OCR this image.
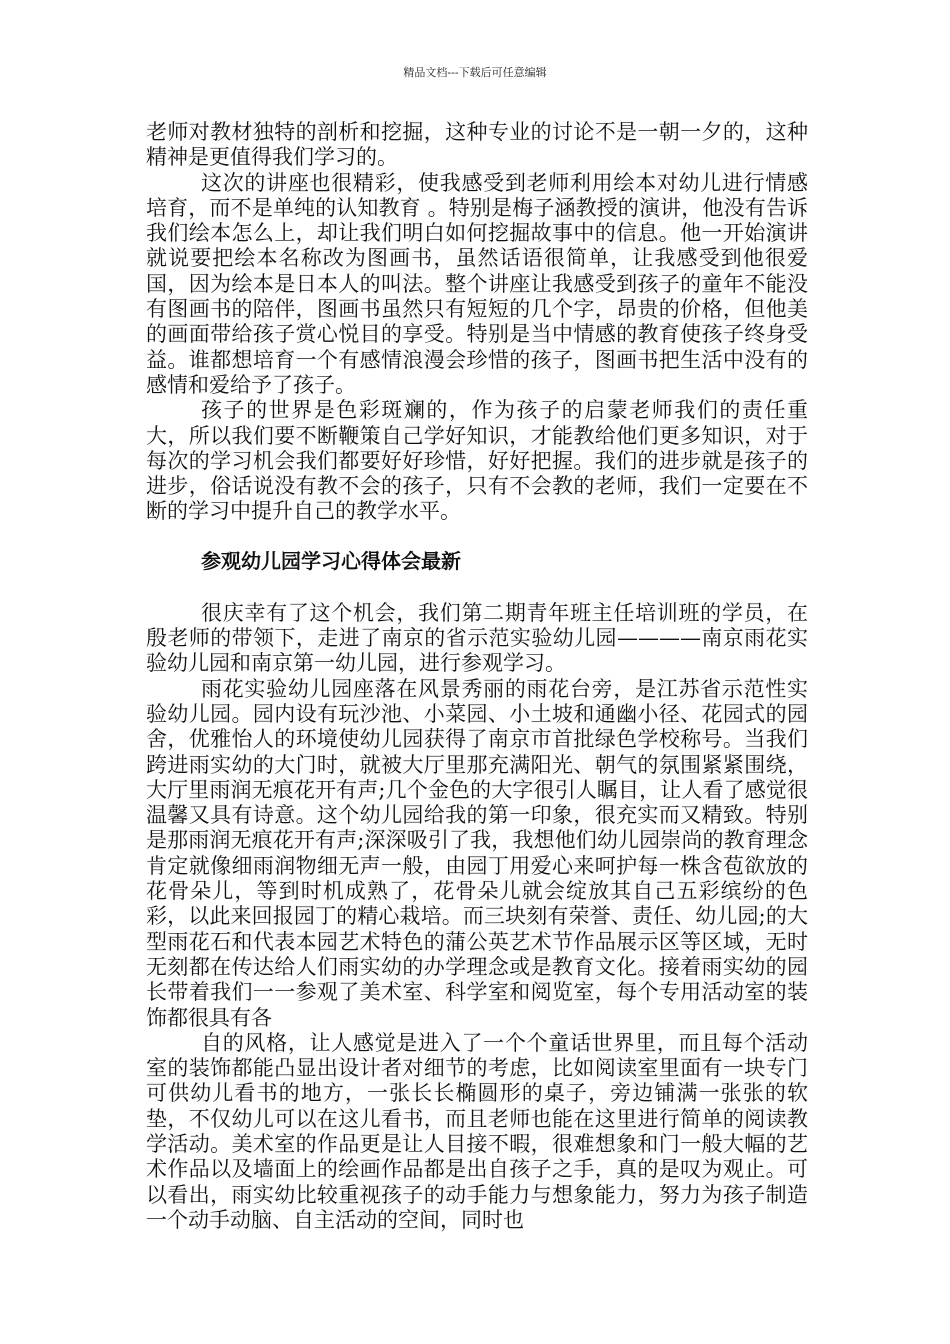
精品文档---下载后可任意编辑

老师对教材独特的剖析和挖掘，这种专业的讨论不是一朝一夕的，这种精神是更值得我们学习的。

这次的讲座也很精彩，使我感受到老师利用绘本对幼儿进行情感培育，而不是单纯的认知教育 。特别是梅子涵教授的演讲，他没有告诉我们绘本怎么上，却让我们明白如何挖掘故事中的信息。他一开始演讲就说要把绘本名称改为图画书，虽然话语很简单，让我感受到他很爱国，因为绘本是日本人的叫法。整个讲座让我感受到孩子的童年不能没有图画书的陪伴，图画书虽然只有短短的几个字，昂贵的价格，但他美的画面带给孩子赏心悦目的享受。特别是当中情感的教育使孩子终身受益。谁都想培育一个有感情浪漫会珍惜的孩子，图画书把生活中没有的感情和爱给予了孩子。

孩子的世界是色彩斑斓的，作为孩子的启蒙老师我们的责任重大，所以我们要不断鞭策自己学好知识，才能教给他们更多知识，对于每次的学习机会我们都要好好珍惜，好好把握。我们的进步就是孩子的进步，俗话说没有教不会的孩子，只有不会教的老师，我们一定要在不断的学习中提升自己的教学水平。

参观幼儿园学习心得体会最新

很庆幸有了这个机会，我们第二期青年班主任培训班的学员，在殷老师的带领下，走进了南京的省示范实验幼儿园————南京雨花实验幼儿园和南京第一幼儿园，进行参观学习。

雨花实验幼儿园座落在风景秀丽的雨花台旁，是江苏省示范性实验幼儿园。园内设有玩沙池、小菜园、小土坡和通幽小径、花园式的园舍，优雅怡人的环境使幼儿园获得了南京市首批绿色学校称号。当我们跨进雨实幼的大门时，就被大厅里那充满阳光、朝气的氛围紧紧围绕，大厅里雨润无痕花开有声;几个金色的大字很引人瞩目，让人看了感觉很温馨又具有诗意。这个幼儿园给我的第一印象，很充实而又精致。特别是那雨润无痕花开有声;深深吸引了我，我想他们幼儿园崇尚的教育理念肯定就像细雨润物细无声一般，由园丁用爱心来呵护每一株含苞欲放的花骨朵儿，等到时机成熟了，花骨朵儿就会绽放其自己五彩缤纷的色彩，以此来回报园丁的精心栽培。而三块刻有荣誉、责任、幼儿园;的大型雨花石和代表本园艺术特色的蒲公英艺术节作品展示区等区域，无时无刻都在传达给人们雨实幼的办学理念或是教育文化。接着雨实幼的园长带着我们一一参观了美术室、科学室和阅览室，每个专用活动室的装饰都很具有各

自的风格，让人感觉是进入了一个个童话世界里，而且每个活动室的装饰都能凸显出设计者对细节的考虑，比如阅读室里面有一块专门可供幼儿看书的地方，一张长长椭圆形的桌子，旁边铺满一张张的软垫，不仅幼儿可以在这儿看书，而且老师也能在这里进行简单的阅读教学活动。美术室的作品更是让人目接不暇，很难想象和门一般大幅的艺术作品以及墙面上的绘画作品都是出自孩子之手，真的是叹为观止。可以看出，雨实幼比较重视孩子的动手能力与想象能力，努力为孩子制造一个动手动脑、自主活动的空间，同时也
